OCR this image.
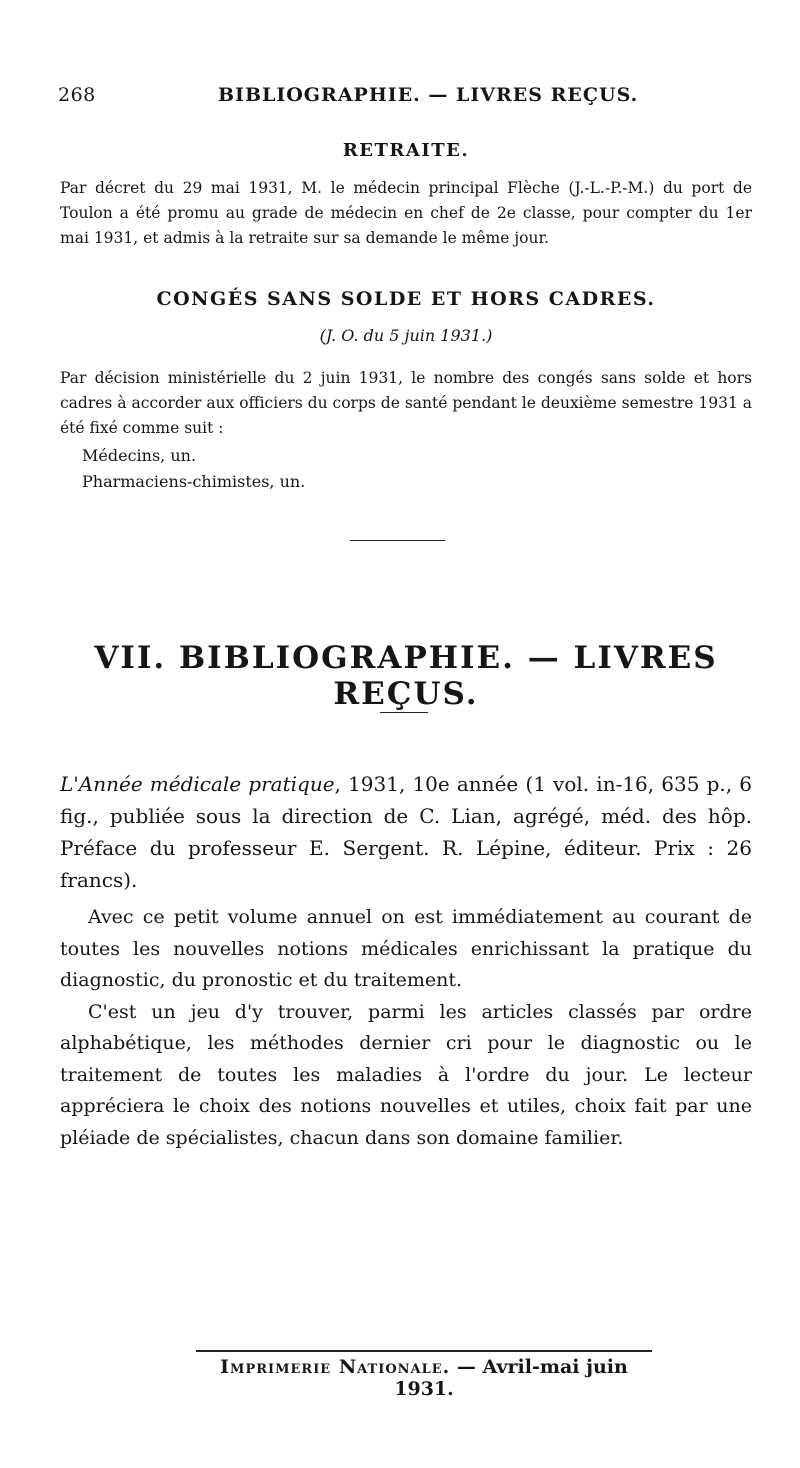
268	BIBLIOGRAPHIE. — LIVRES REÇUS.
RETRAITE.
Par décret du 29 mai 1931, M. le médecin principal Flèche (J.-L.-P.-M.) du port de Toulon a été promu au grade de médecin en chef de 2e classe, pour compter du 1er mai 1931, et admis à la retraite sur sa demande le même jour.
CONGÉS SANS SOLDE ET HORS CADRES.
(J. O. du 5 juin 1931.)
Par décision ministérielle du 2 juin 1931, le nombre des congés sans solde et hors cadres à accorder aux officiers du corps de santé pendant le deuxième semestre 1931 a été fixé comme suit :
Médecins, un.
Pharmaciens-chimistes, un.
VII. BIBLIOGRAPHIE. — LIVRES REÇUS.
L'Année médicale pratique, 1931, 10e année (1 vol. in-16, 635 p., 6 fig., publiée sous la direction de C. Lian, agrégé, méd. des hôp. Préface du professeur E. Sergent. R. Lépine, éditeur. Prix : 26 francs).

Avec ce petit volume annuel on est immédiatement au courant de toutes les nouvelles notions médicales enrichissant la pratique du diagnostic, du pronostic et du traitement.

C'est un jeu d'y trouver, parmi les articles classés par ordre alphabétique, les méthodes dernier cri pour le diagnostic ou le traitement de toutes les maladies à l'ordre du jour. Le lecteur appréciera le choix des notions nouvelles et utiles, choix fait par une pléiade de spécialistes, chacun dans son domaine familier.

Imprimerie Nationale. — Avril-mai juin 1931.
